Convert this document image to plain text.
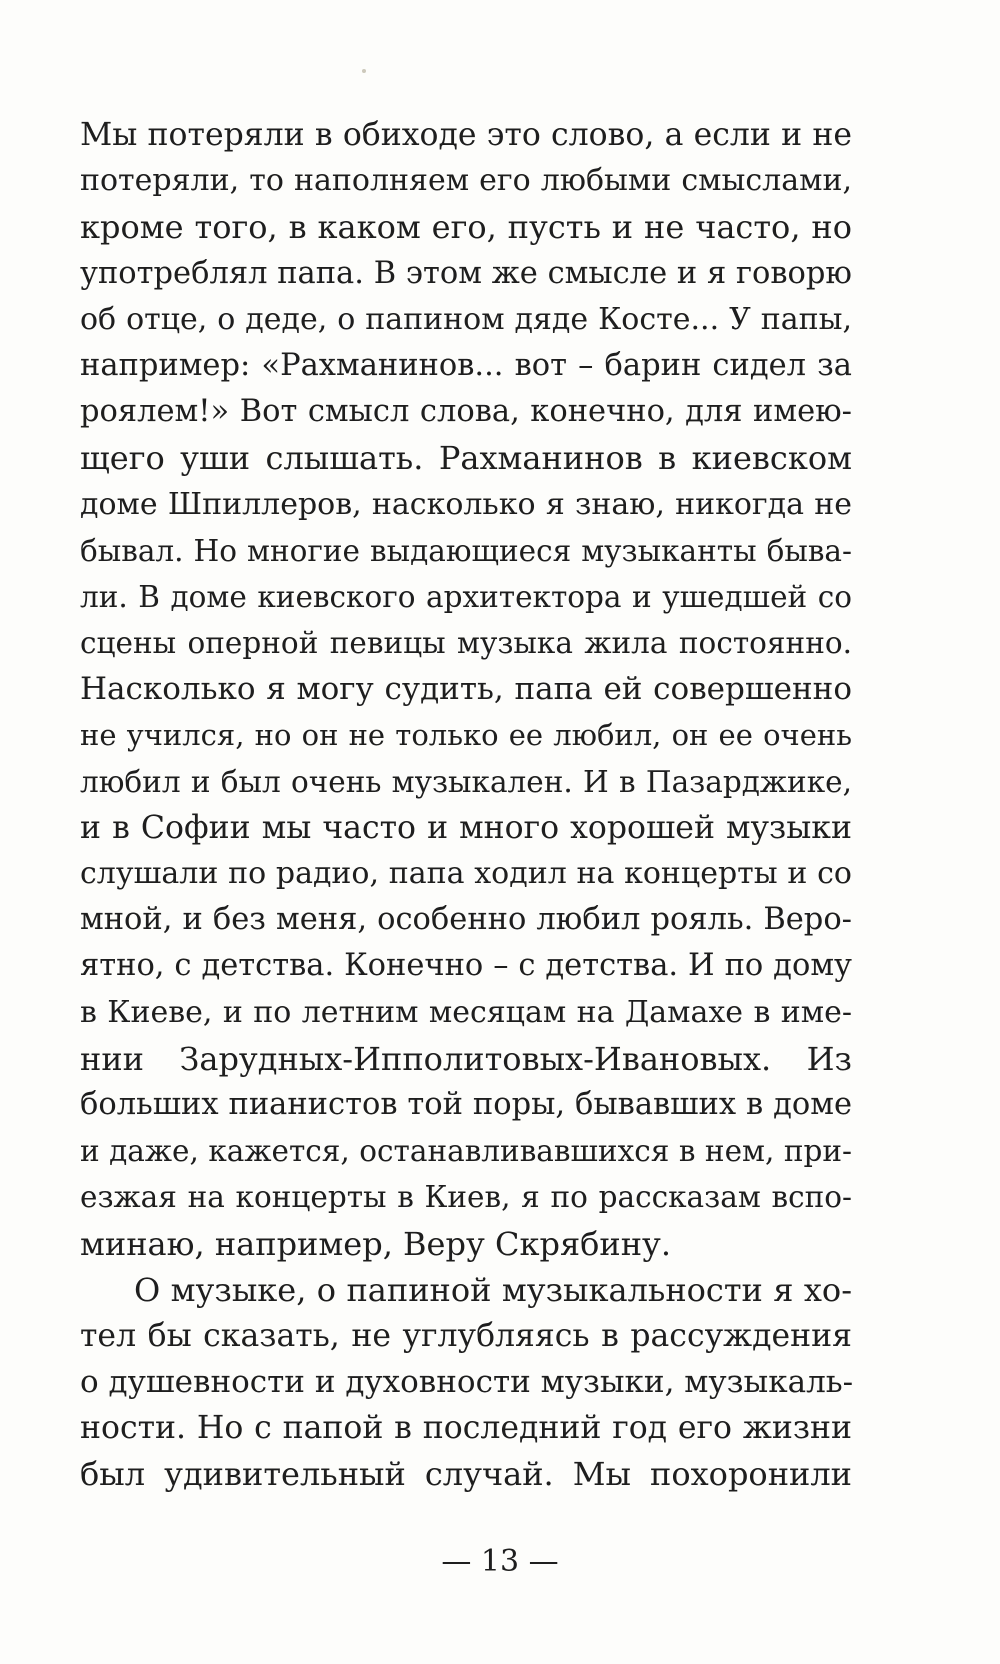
Мы потеряли в обиходе это слово, а если и не
потеряли, то наполняем его любыми смыслами,
кроме того, в каком его, пусть и не часто, но
употреблял папа. В этом же смысле и я говорю
об отце, о деде, о папином дяде Косте... У папы,
например: «Рахманинов... вот – барин сидел за
роялем!» Вот смысл слова, конечно, для имею-
щего уши слышать. Рахманинов в киевском
доме Шпиллеров, насколько я знаю, никогда не
бывал. Но многие выдающиеся музыканты быва-
ли. В доме киевского архитектора и ушедшей со
сцены оперной певицы музыка жила постоянно.
Насколько я могу судить, папа ей совершенно
не учился, но он не только ее любил, он ее очень
любил и был очень музыкален. И в Пазарджике,
и в Софии мы часто и много хорошей музыки
слушали по радио, папа ходил на концерты и со
мной, и без меня, особенно любил рояль. Веро-
ятно, с детства. Конечно – с детства. И по дому
в Киеве, и по летним месяцам на Дамахе в име-
нии Зарудных-Ипполитовых-Ивановых. Из
больших пианистов той поры, бывавших в доме
и даже, кажется, останавливавшихся в нем, при-
езжая на концерты в Киев, я по рассказам вспо-
минаю, например, Веру Скрябину.
О музыке, о папиной музыкальности я хо-
тел бы сказать, не углубляясь в рассуждения
о душевности и духовности музыки, музыкаль-
ности. Но с папой в последний год его жизни
был удивительный случай. Мы похоронили
— 13 —
